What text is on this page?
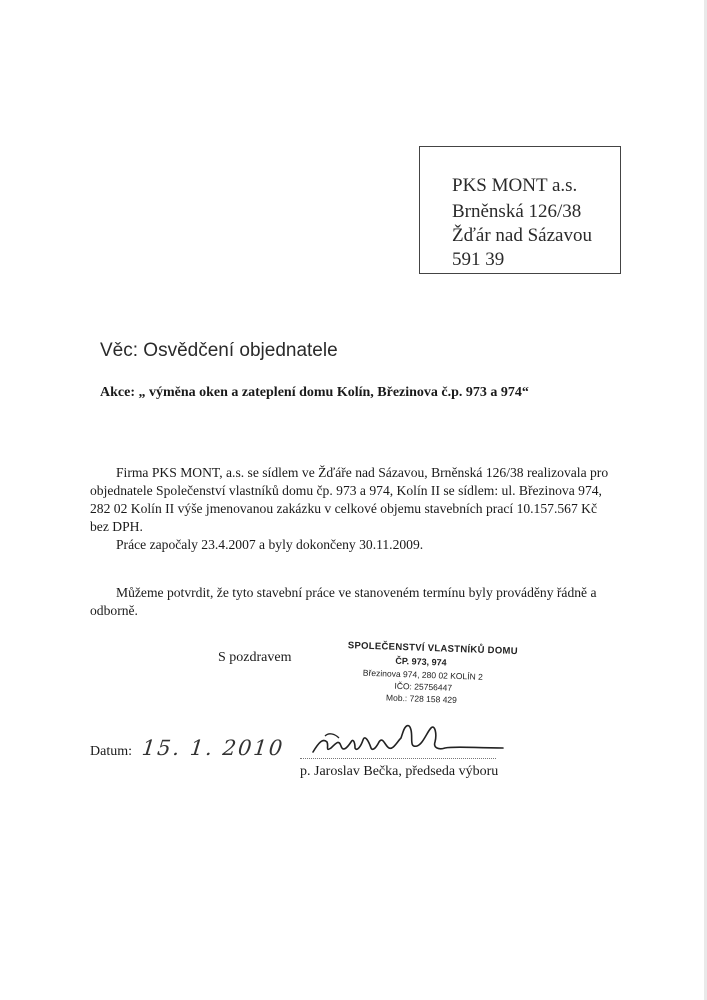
PKS MONT a.s.
Brněnská 126/38
Žďár nad Sázavou
591 39
Věc: Osvědčení objednatele
Akce: „ výměna oken a zateplení domu Kolín, Březinova č.p. 973 a 974“
Firma PKS MONT, a.s. se sídlem ve Žďáře nad Sázavou, Brněnská 126/38 realizovala pro objednatele Společenství vlastníků domu čp. 973 a 974, Kolín II se sídlem: ul. Březinova 974, 282 02 Kolín II výše jmenovanou zakázku v celkové objemu stavebních prací 10.157.567 Kč bez DPH.
Práce započaly 23.4.2007 a byly dokončeny 30.11.2009.
Můžeme potvrdit, že tyto stavební práce ve stanoveném termínu byly prováděny řádně a odborně.
S pozdravem
SPOLEČENSTVÍ VLASTNÍKŮ DOMU
ČP. 973, 974
Březinova 974, 280 02 KOLÍN 2
IČO: 25756447
Mob.: 728 158 429
Datum: 15. 1. 2010
p. Jaroslav Bečka, předseda výboru
